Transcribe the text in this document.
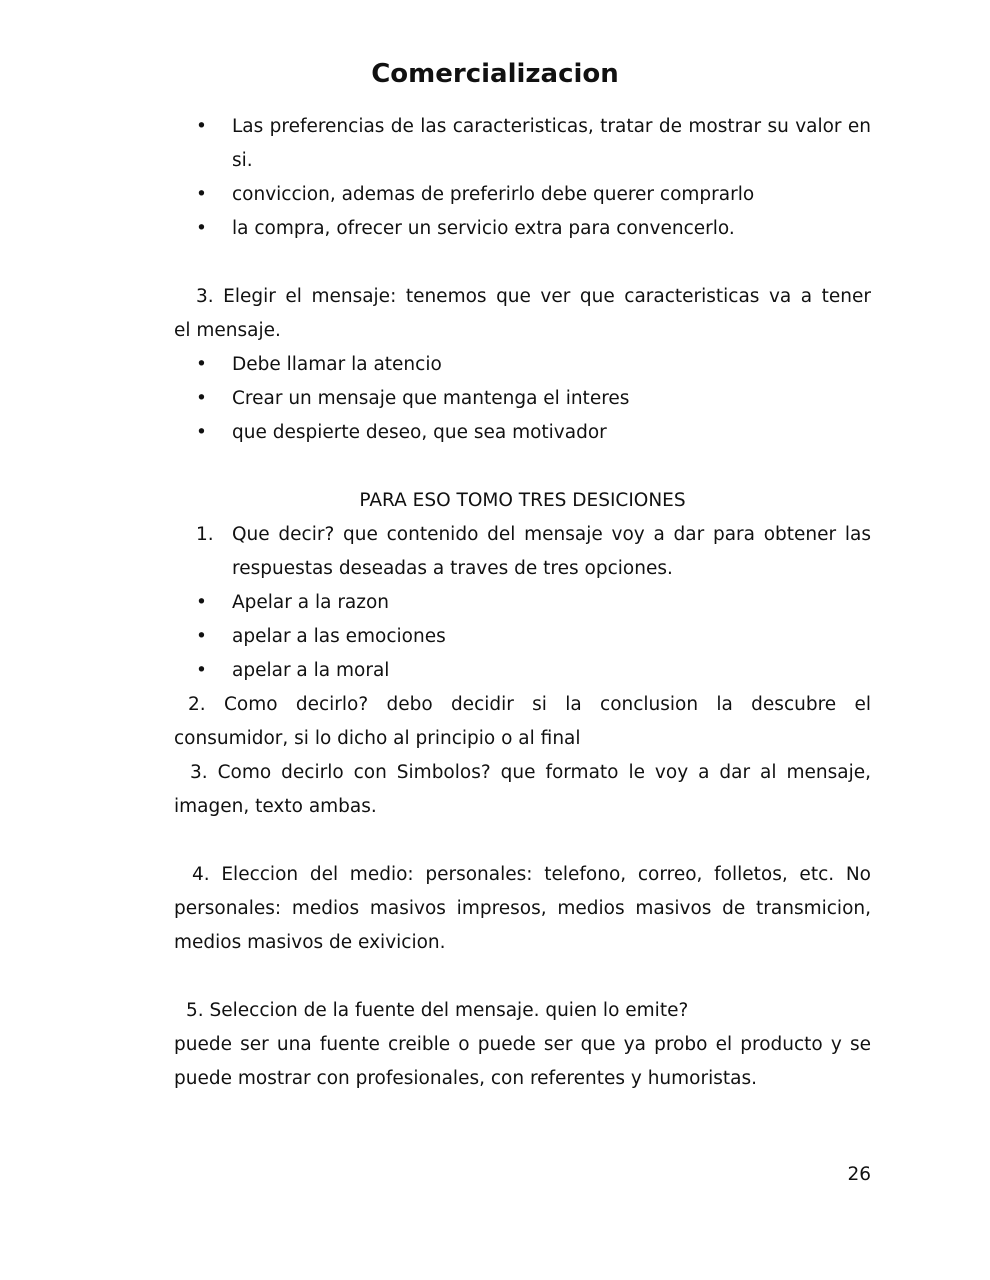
Comercializacion
• Las preferencias de las caracteristicas, tratar de mostrar su valor en si.
• conviccion, ademas de preferirlo debe querer comprarlo
• la compra, ofrecer un servicio extra para convencerlo.
3. Elegir el mensaje: tenemos que ver que caracteristicas va a tener
el mensaje.
• Debe llamar la atencio
• Crear un mensaje que mantenga el interes
• que despierte deseo, que sea motivador
PARA ESO TOMO TRES DESICIONES
1. Que decir? que contenido del mensaje voy a dar para obtener las respuestas deseadas a traves de tres opciones.
• Apelar a la razon
• apelar a las emociones
• apelar a la moral
2. Como decirlo? debo decidir si la conclusion la descubre el
consumidor, si lo dicho al principio o al final
3. Como decirlo con Simbolos? que formato le voy a dar al mensaje,
imagen, texto ambas.
4. Eleccion del medio: personales: telefono, correo, folletos, etc. No
personales: medios masivos impresos, medios masivos de transmicion,
medios masivos de exivicion.
5. Seleccion de la fuente del mensaje. quien lo emite?
puede ser una fuente creible o puede ser que ya probo el producto y se
puede mostrar con profesionales, con referentes y humoristas.
26
